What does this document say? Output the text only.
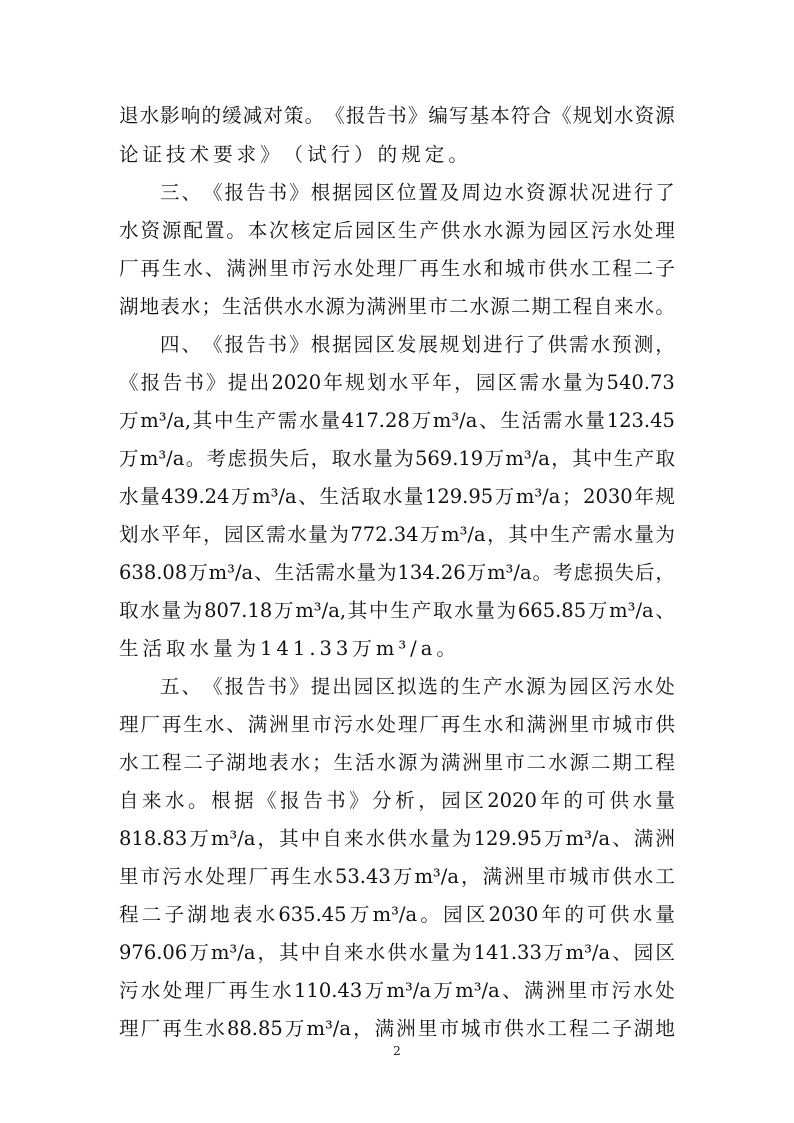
退 水 影 响 的 缓 减 对 策 。 《 报 告 书 》 编 写 基 本 符 合 《 规 划 水 资 源
论 证 技 术 要 求 》 （ 试 行 ） 的 规 定 。
三 、 《 报 告 书 》 根 据 园 区 位 置 及 周 边 水 资 源 状 况 进 行 了
水 资 源 配 置 。 本 次 核 定 后 园 区 生 产 供 水 水 源 为 园 区 污 水 处 理
厂 再 生 水 、 满 洲 里 市 污 水 处 理 厂 再 生 水 和 城 市 供 水 工 程 二 子
湖 地 表 水 ； 生 活 供 水 水 源 为 满 洲 里 市 二 水 源 二 期 工 程 自 来 水 。
四 、 《 报 告 书 》 根 据 园 区 发 展 规 划 进 行 了 供 需 水 预 测 ，
《 报 告 书 》 提 出 2020 年 规 划 水 平 年 ， 园 区 需 水 量 为 540.73
万 m³/a, 其 中 生 产 需 水 量 417.28 万 m³/a 、 生 活 需 水 量 123.45
万 m³/a 。 考 虑 损 失 后 ， 取 水 量 为 569.19 万 m³/a ， 其 中 生 产 取
水 量 439.24 万 m³/a 、 生 活 取 水 量 129.95 万 m³/a ； 2030 年 规
划 水 平 年 ， 园 区 需 水 量 为 772.34 万 m³/a ， 其 中 生 产 需 水 量 为
638.08 万 m³/a 、 生 活 需 水 量 为 134.26 万 m³/a 。 考 虑 损 失 后 ，
取 水 量 为 807.18 万 m³/a, 其 中 生 产 取 水 量 为 665.85 万 m³/a 、
生 活 取 水 量 为 141.33 万 m³/a 。
五 、 《 报 告 书 》 提 出 园 区 拟 选 的 生 产 水 源 为 园 区 污 水 处
理 厂 再 生 水 、 满 洲 里 市 污 水 处 理 厂 再 生 水 和 满 洲 里 市 城 市 供
水 工 程 二 子 湖 地 表 水 ； 生 活 水 源 为 满 洲 里 市 二 水 源 二 期 工 程
自 来 水 。 根 据 《 报 告 书 》 分 析 ， 园 区 2020 年 的 可 供 水 量
818.83 万 m³/a ， 其 中 自 来 水 供 水 量 为 129.95 万 m³/a 、 满 洲
里 市 污 水 处 理 厂 再 生 水 53.43 万 m³/a ， 满 洲 里 市 城 市 供 水 工
程 二 子 湖 地 表 水 635.45 万 m³/a 。 园 区 2030 年 的 可 供 水 量
976.06 万 m³/a ， 其 中 自 来 水 供 水 量 为 141.33 万 m³/a 、 园 区
污 水 处 理 厂 再 生 水 110.43 万 m³/a 万 m³/a 、 满 洲 里 市 污 水 处
理 厂 再 生 水 88.85 万 m³/a ， 满 洲 里 市 城 市 供 水 工 程 二 子 湖 地
2
